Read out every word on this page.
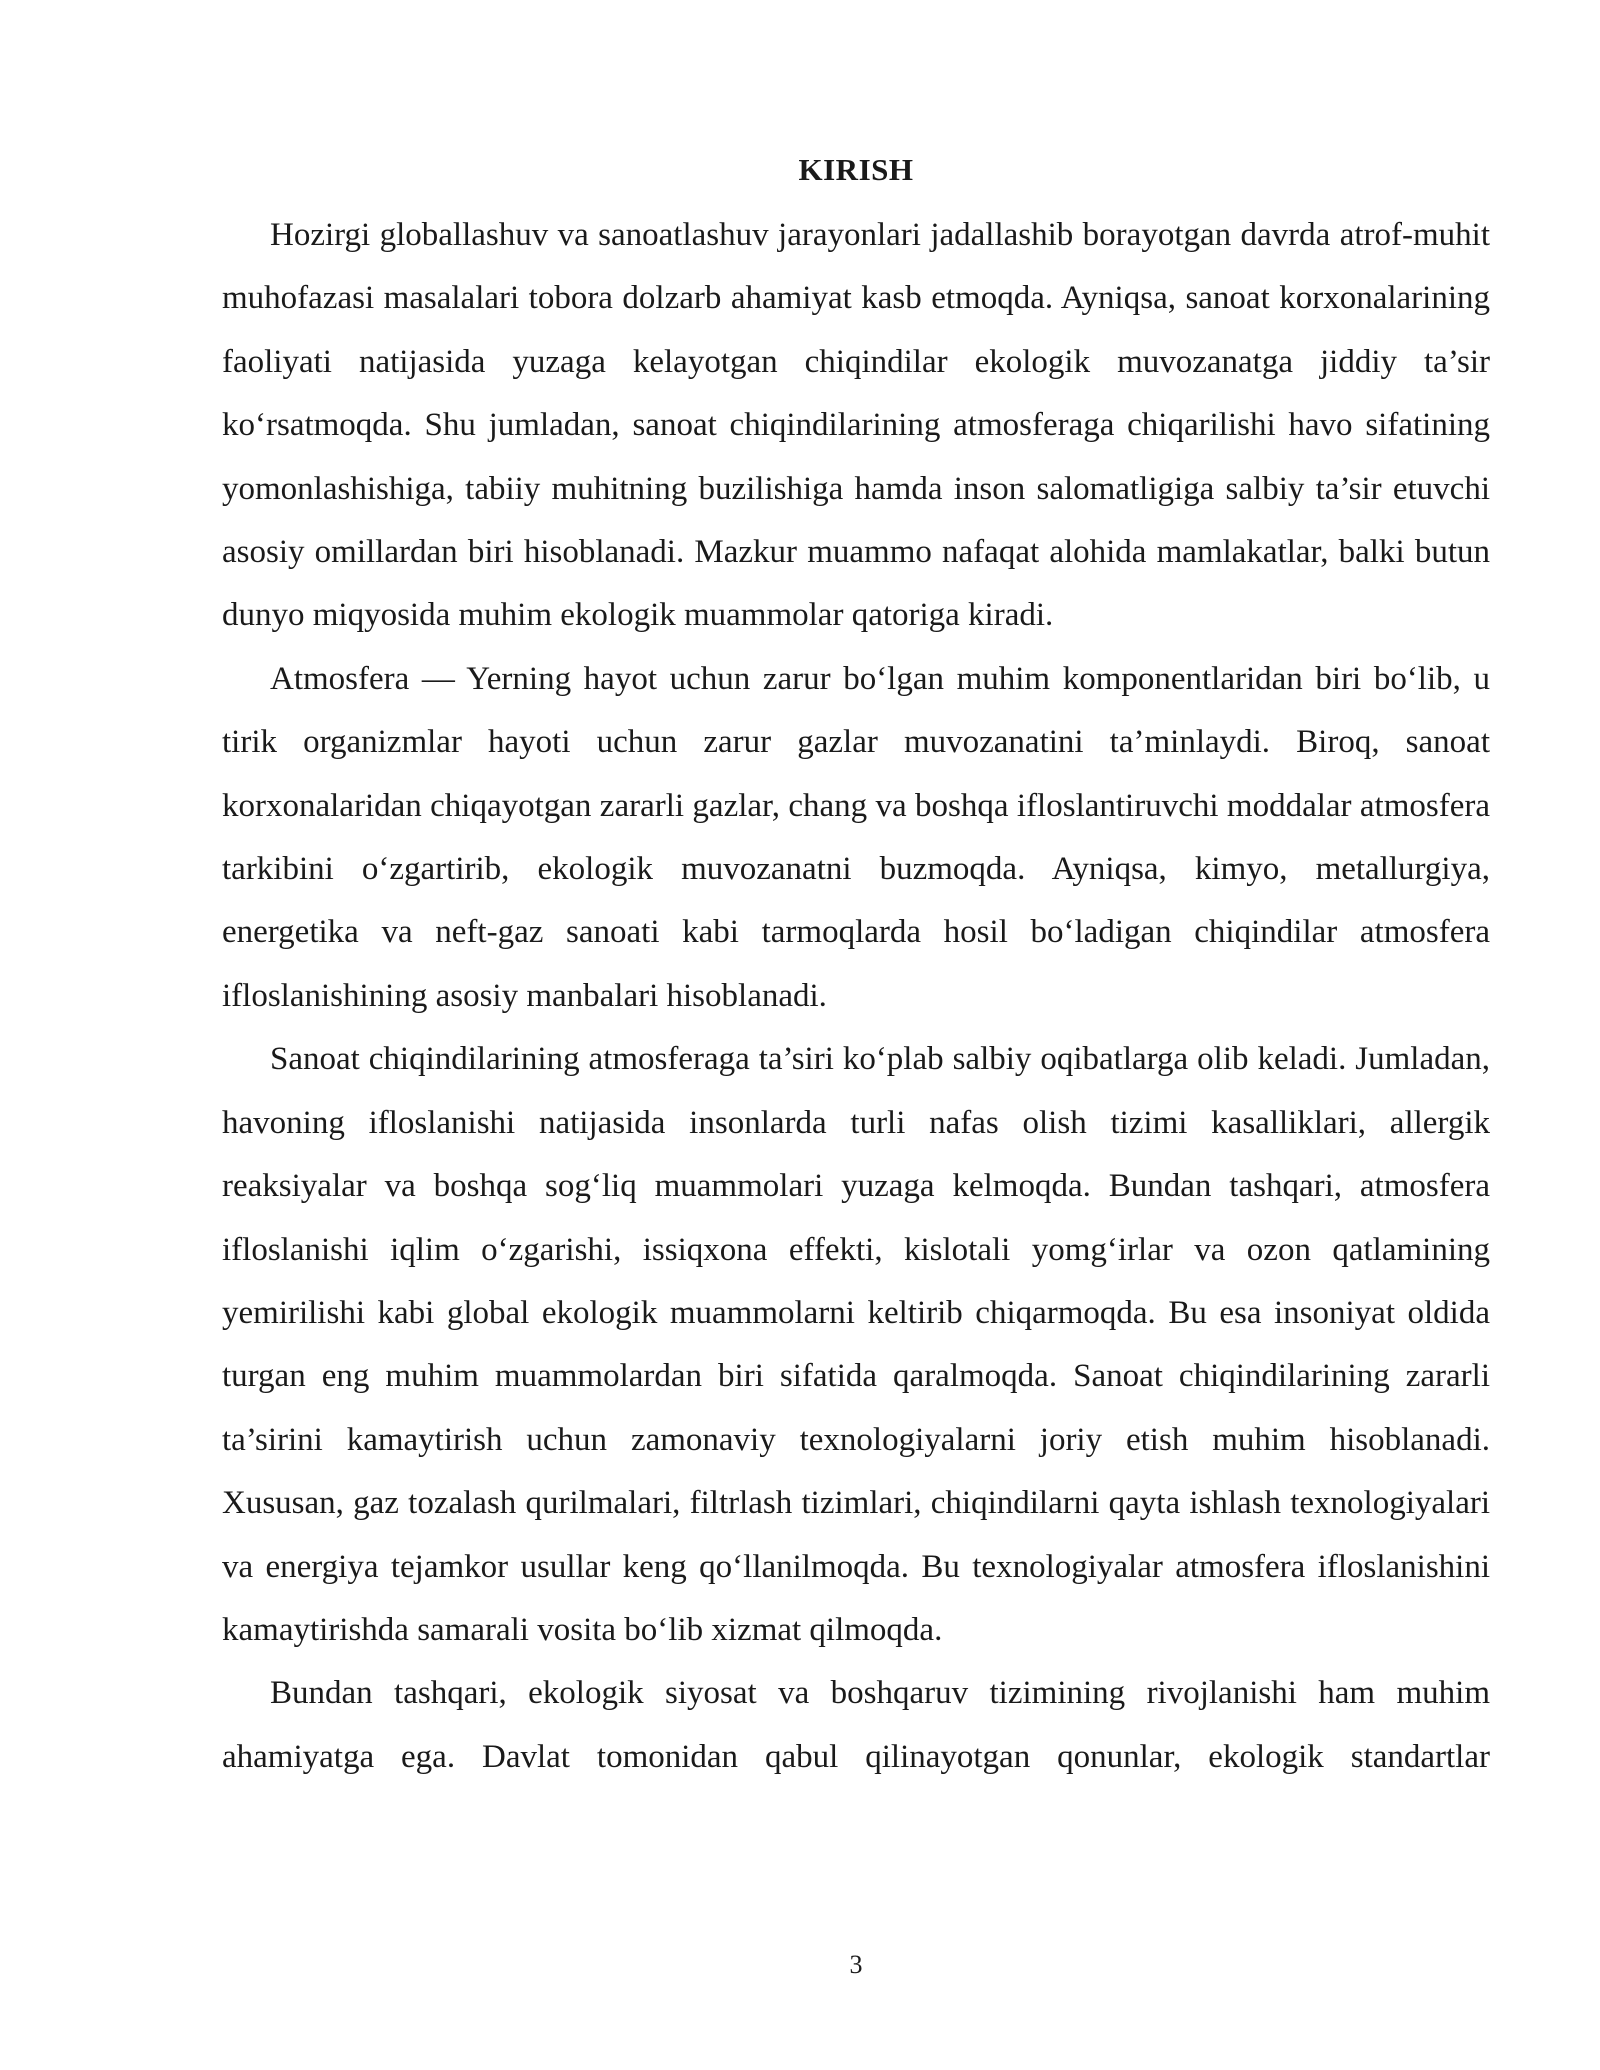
KIRISH

Hozirgi globallashuv va sanoatlashuv jarayonlari jadallashib borayotgan davrda atrof-muhit muhofazasi masalalari tobora dolzarb ahamiyat kasb etmoqda. Ayniqsa, sanoat korxonalarining faoliyati natijasida yuzaga kelayotgan chiqindilar ekologik muvozanatga jiddiy ta’sir ko‘rsatmoqda. Shu jumladan, sanoat chiqindilarining atmosferaga chiqarilishi havo sifatining yomonlashishiga, tabiiy muhitning buzilishiga hamda inson salomatligiga salbiy ta’sir etuvchi asosiy omillardan biri hisoblanadi. Mazkur muammo nafaqat alohida mamlakatlar, balki butun dunyo miqyosida muhim ekologik muammolar qatoriga kiradi.

Atmosfera — Yerning hayot uchun zarur bo‘lgan muhim komponentlaridan biri bo‘lib, u tirik organizmlar hayoti uchun zarur gazlar muvozanatini ta’minlaydi. Biroq, sanoat korxonalaridan chiqayotgan zararli gazlar, chang va boshqa ifloslantiruvchi moddalar atmosfera tarkibini o‘zgartirib, ekologik muvozanatni buzmoqda. Ayniqsa, kimyo, metallurgiya, energetika va neft-gaz sanoati kabi tarmoqlarda hosil bo‘ladigan chiqindilar atmosfera ifloslanishining asosiy manbalari hisoblanadi.

Sanoat chiqindilarining atmosferaga ta’siri ko‘plab salbiy oqibatlarga olib keladi. Jumladan, havoning ifloslanishi natijasida insonlarda turli nafas olish tizimi kasalliklari, allergik reaksiyalar va boshqa sog‘liq muammolari yuzaga kelmoqda. Bundan tashqari, atmosfera ifloslanishi iqlim o‘zgarishi, issiqxona effekti, kislotali yomg‘irlar va ozon qatlamining yemirilishi kabi global ekologik muammolarni keltirib chiqarmoqda. Bu esa insoniyat oldida turgan eng muhim muammolardan biri sifatida qaralmoqda. Sanoat chiqindilarining zararli ta’sirini kamaytirish uchun zamonaviy texnologiyalarni joriy etish muhim hisoblanadi. Xususan, gaz tozalash qurilmalari, filtrlash tizimlari, chiqindilarni qayta ishlash texnologiyalari va energiya tejamkor usullar keng qo‘llanilmoqda. Bu texnologiyalar atmosfera ifloslanishini kamaytirishda samarali vosita bo‘lib xizmat qilmoqda.

Bundan tashqari, ekologik siyosat va boshqaruv tizimining rivojlanishi ham muhim ahamiyatga ega. Davlat tomonidan qabul qilinayotgan qonunlar, ekologik standartlar

3
